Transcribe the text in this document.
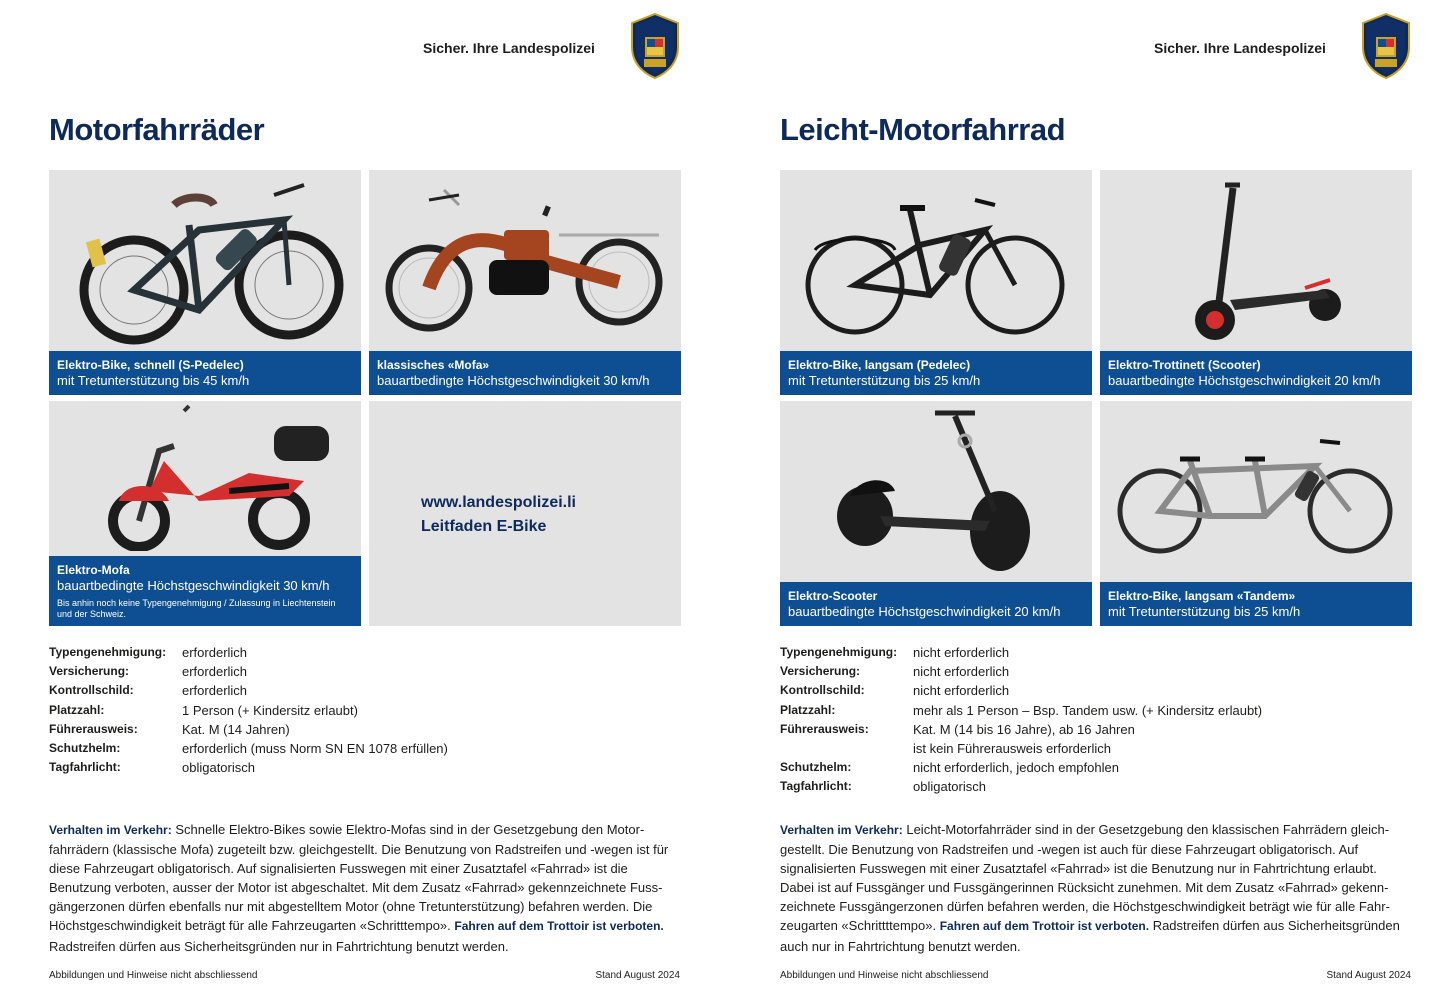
Sicher. Ihre Landespolizei
Motorfahrräder
Elektro-Bike, schnell (S-Pedelec)
mit Tretunterstützung bis 45 km/h
klassisches «Mofa»
bauartbedingte Höchstgeschwindigkeit 30 km/h
Elektro-Mofa
bauartbedingte Höchstgeschwindigkeit 30 km/h
Bis anhin noch keine Typengenehmigung / Zulassung in Liechtenstein und der Schweiz.
www.landespolizei.li
Leitfaden E-Bike
Typengenehmigung:	erforderlich
Versicherung:	erforderlich
Kontrollschild:	erforderlich
Platzzahl:	1 Person (+ Kindersitz erlaubt)
Führerausweis:	Kat. M (14 Jahren)
Schutzhelm:	erforderlich (muss Norm SN EN 1078 erfüllen)
Tagfahrlicht:	obligatorisch

Verhalten im Verkehr: Schnelle Elektro-Bikes sowie Elektro-Mofas sind in der Gesetzgebung den Motor-fahrrädern (klassische Mofa) zugeteilt bzw. gleichgestellt. Die Benutzung von Radstreifen und -wegen ist für diese Fahrzeugart obligatorisch. Auf signalisierten Fusswegen mit einer Zusatztafel «Fahrrad» ist die Benutzung verboten, ausser der Motor ist abgeschaltet. Mit dem Zusatz «Fahrrad» gekennzeichnete Fuss-gängerzonen dürfen ebenfalls nur mit abgestelltem Motor (ohne Tretunterstützung) befahren werden. Die Höchstgeschwindigkeit beträgt für alle Fahrzeugarten «Schritttempo». Fahren auf dem Trottoir ist verboten. Radstreifen dürfen aus Sicherheitsgründen nur in Fahrtrichtung benutzt werden.

Abbildungen und Hinweise nicht abschliessend	Stand August 2024
Sicher. Ihre Landespolizei
Leicht-Motorfahrrad
Elektro-Bike, langsam (Pedelec)
mit Tretunterstützung bis 25 km/h
Elektro-Trottinett (Scooter)
bauartbedingte Höchstgeschwindigkeit 20 km/h
Elektro-Scooter
bauartbedingte Höchstgeschwindigkeit 20 km/h
Elektro-Bike, langsam «Tandem»
mit Tretunterstützung bis 25 km/h
Typengenehmigung:	nicht erforderlich
Versicherung:	nicht erforderlich
Kontrollschild:	nicht erforderlich
Platzzahl:	mehr als 1 Person – Bsp. Tandem usw. (+ Kindersitz erlaubt)
Führerausweis:	Kat. M (14 bis 16 Jahre), ab 16 Jahren
ist kein Führerausweis erforderlich
Schutzhelm:	nicht erforderlich, jedoch empfohlen
Tagfahrlicht:	obligatorisch

Verhalten im Verkehr: Leicht-Motorfahrräder sind in der Gesetzgebung den klassischen Fahrrädern gleich-gestellt. Die Benutzung von Radstreifen und -wegen ist auch für diese Fahrzeugart obligatorisch. Auf signalisierten Fusswegen mit einer Zusatztafel «Fahrrad» ist die Benutzung nur in Fahrtrichtung erlaubt. Dabei ist auf Fussgänger und Fussgängerinnen Rücksicht zunehmen. Mit dem Zusatz «Fahrrad» gekenn-zeichnete Fussgängerzonen dürfen befahren werden, die Höchstgeschwindigkeit beträgt wie für alle Fahr-zeugarten «Schrittttempo». Fahren auf dem Trottoir ist verboten. Radstreifen dürfen aus Sicherheitsgründen auch nur in Fahrtrichtung benutzt werden.

Abbildungen und Hinweise nicht abschliessend	Stand August 2024
